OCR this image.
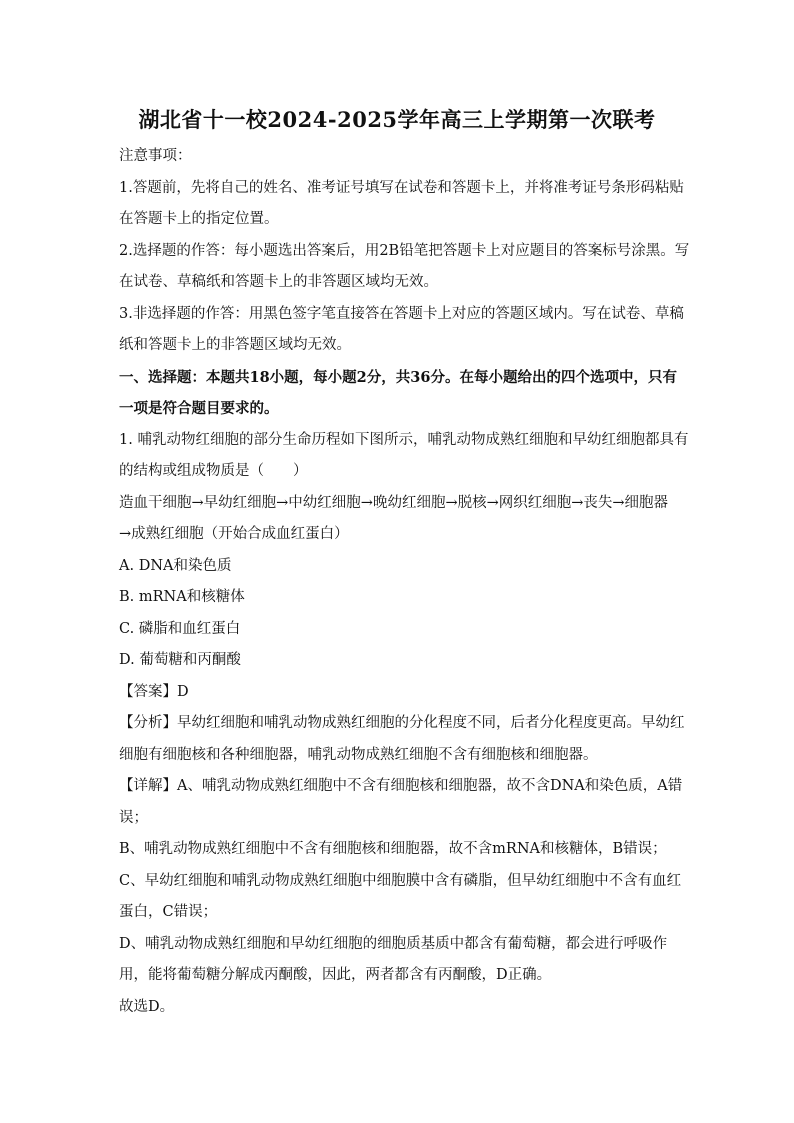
湖北省十一校2024-2025学年高三上学期第一次联考
注意事项：
1.答题前，先将自己的姓名、准考证号填写在试卷和答题卡上，并将准考证号条形码粘贴
在答题卡上的指定位置。
2.选择题的作答：每小题选出答案后，用2B铅笔把答题卡上对应题目的答案标号涂黑。写
在试卷、草稿纸和答题卡上的非答题区域均无效。
3.非选择题的作答：用黑色签字笔直接答在答题卡上对应的答题区域内。写在试卷、草稿
纸和答题卡上的非答题区域均无效。
一、选择题：本题共18小题，每小题2分，共36分。在每小题给出的四个选项中，只有
一项是符合题目要求的。
1. 哺乳动物红细胞的部分生命历程如下图所示，哺乳动物成熟红细胞和早幼红细胞都具有
的结构或组成物质是（　　）
造血干细胞→早幼红细胞→中幼红细胞→晚幼红细胞→脱核→网织红细胞→丧失→细胞器
→成熟红细胞（开始合成血红蛋白）
A. DNA和染色质
B. mRNA和核糖体
C. 磷脂和血红蛋白
D. 葡萄糖和丙酮酸
【答案】D
【分析】早幼红细胞和哺乳动物成熟红细胞的分化程度不同，后者分化程度更高。早幼红
细胞有细胞核和各种细胞器，哺乳动物成熟红细胞不含有细胞核和细胞器。
【详解】A、哺乳动物成熟红细胞中不含有细胞核和细胞器，故不含DNA和染色质，A错
误；
B、哺乳动物成熟红细胞中不含有细胞核和细胞器，故不含mRNA和核糖体，B错误；
C、早幼红细胞和哺乳动物成熟红细胞中细胞膜中含有磷脂，但早幼红细胞中不含有血红
蛋白，C错误；
D、哺乳动物成熟红细胞和早幼红细胞的细胞质基质中都含有葡萄糖，都会进行呼吸作
用，能将葡萄糖分解成丙酮酸，因此，两者都含有丙酮酸，D正确。
故选D。
